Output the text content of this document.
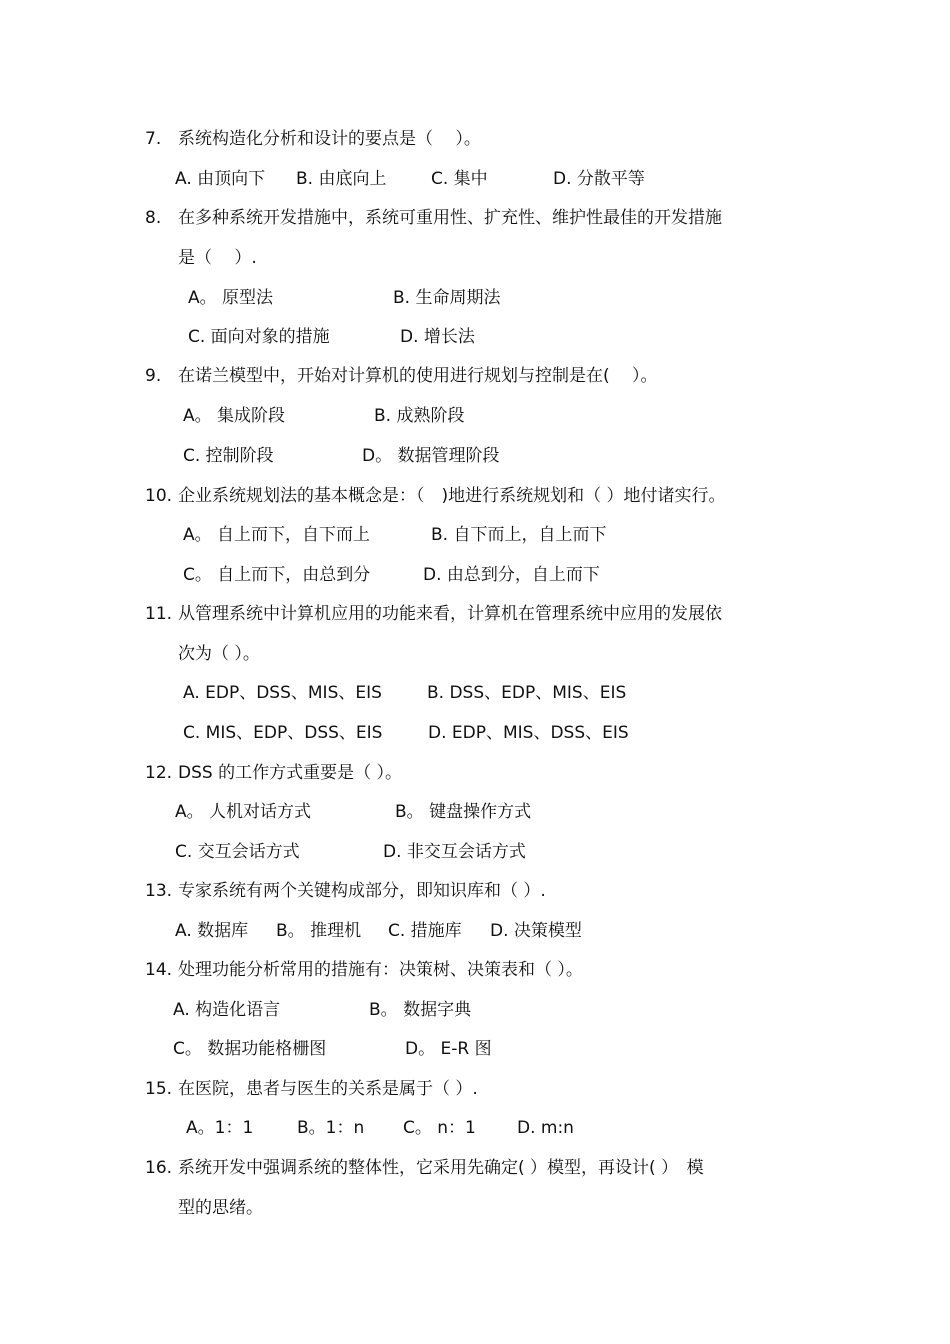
7. 系统构造化分析和设计的要点是（　 ）。
A. 由顶向下 B. 由底向上	C. 集中	D. 分散平等
8. 在多种系统开发措施中，系统可重用性、扩充性、维护性最佳的开发措施
是（　 ）.
A。 原型法	B. 生命周期法
C. 面向对象的措施	D. 增长法
9. 在诺兰模型中，开始对计算机的使用进行规划与控制是在(　 ）。
A。 集成阶段	B. 成熟阶段
C. 控制阶段	D。 数据管理阶段
10. 企业系统规划法的基本概念是：（　)地进行系统规划和（ ）地付诸实行。
A。 自上而下，自下而上	B. 自下而上，自上而下
C。 自上而下，由总到分	D. 由总到分，自上而下
11. 从管理系统中计算机应用的功能来看，计算机在管理系统中应用的发展依
次为（ ）。
A. EDP、DSS、MIS、EIS	B. DSS、EDP、MIS、EIS
C. MIS、EDP、DSS、EIS	D. EDP、MIS、DSS、EIS
12. DSS 的工作方式重要是（ ）。
A。 人机对话方式	B。 键盘操作方式
C. 交互会话方式	D. 非交互会话方式
13. 专家系统有两个关键构成部分，即知识库和（ ）.
A. 数据库 B。 推理机 C. 措施库 D. 决策模型
14. 处理功能分析常用的措施有：决策树、决策表和（ ）。
A. 构造化语言	B。 数据字典
C。 数据功能格栅图	D。 E-R 图
15. 在医院，患者与医生的关系是属于（ ）.
A。1：1	B。1：n C。 n：1 D. m:n
16. 系统开发中强调系统的整体性，它采用先确定( ）模型，再设计( ）　模
型的思绪。
